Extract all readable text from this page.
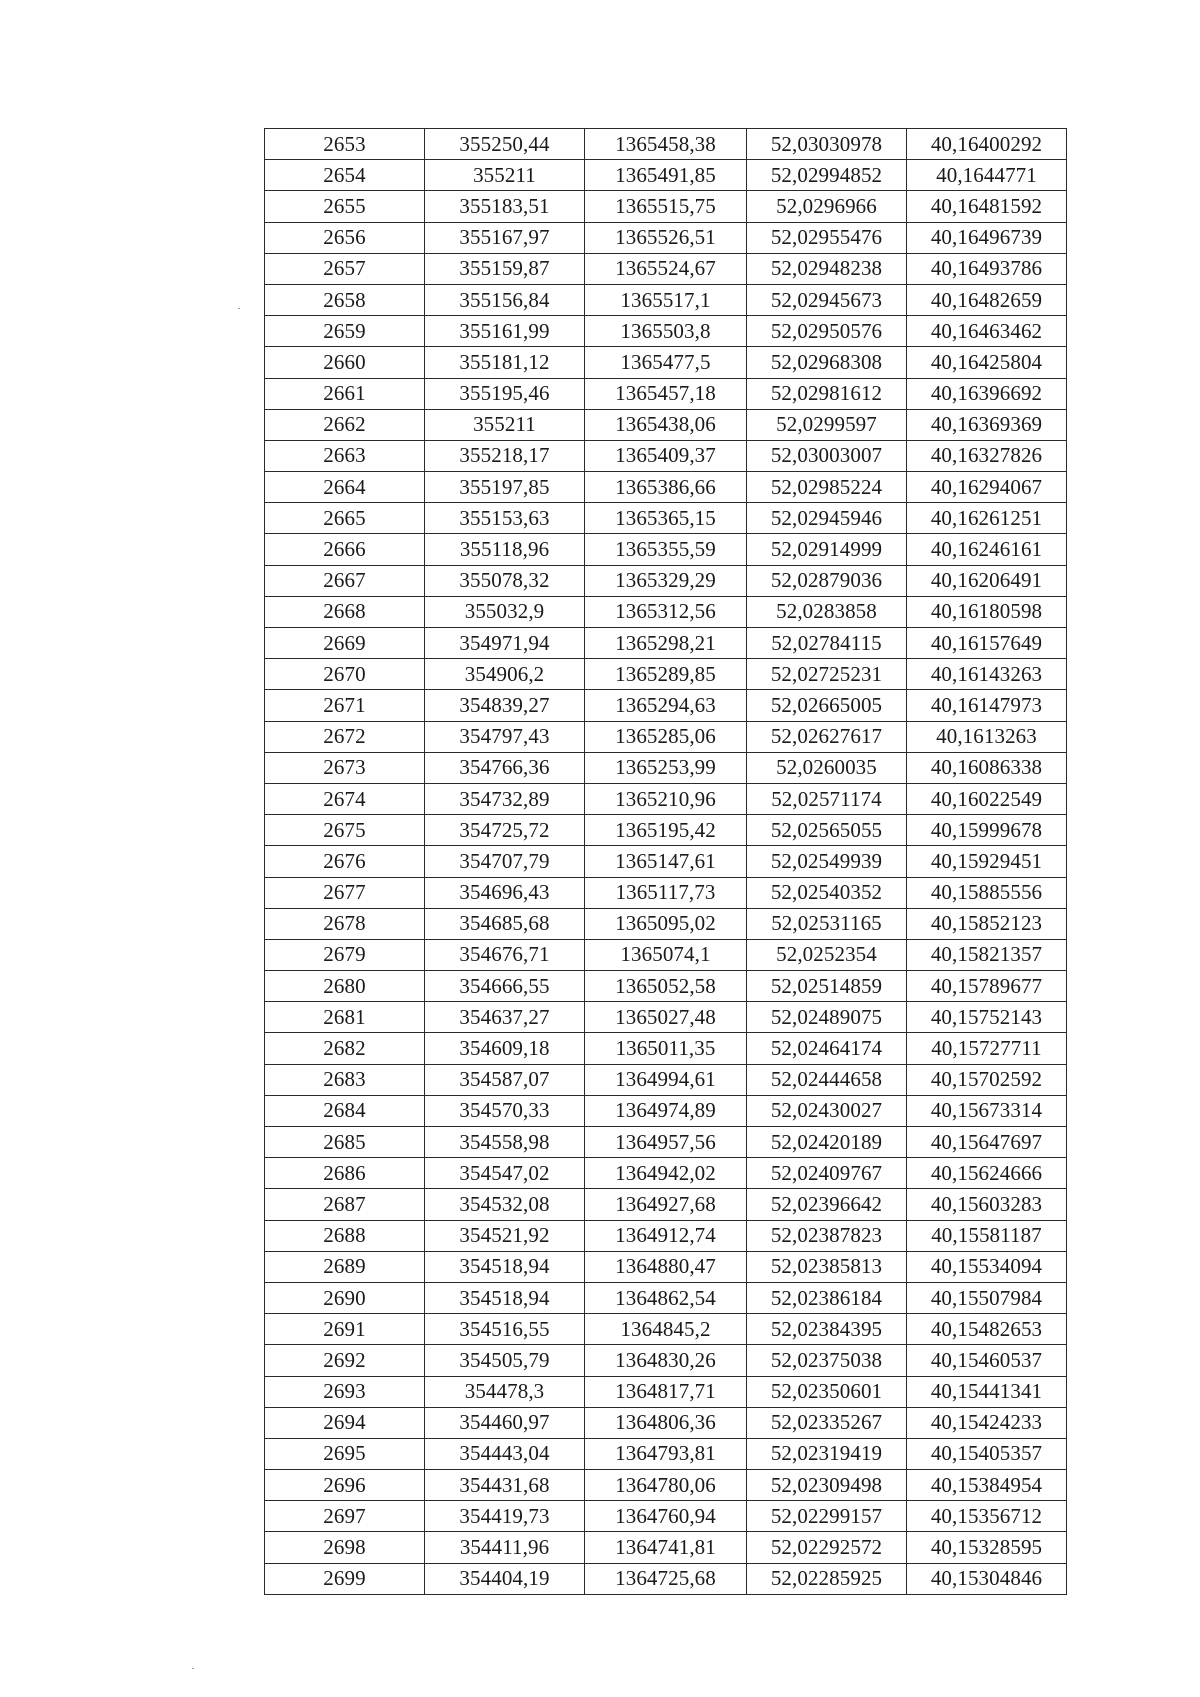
2653	355250,44	1365458,38	52,03030978	40,16400292
2654	355211	1365491,85	52,02994852	40,1644771
2655	355183,51	1365515,75	52,0296966	40,16481592
2656	355167,97	1365526,51	52,02955476	40,16496739
2657	355159,87	1365524,67	52,02948238	40,16493786
2658	355156,84	1365517,1	52,02945673	40,16482659
2659	355161,99	1365503,8	52,02950576	40,16463462
2660	355181,12	1365477,5	52,02968308	40,16425804
2661	355195,46	1365457,18	52,02981612	40,16396692
2662	355211	1365438,06	52,0299597	40,16369369
2663	355218,17	1365409,37	52,03003007	40,16327826
2664	355197,85	1365386,66	52,02985224	40,16294067
2665	355153,63	1365365,15	52,02945946	40,16261251
2666	355118,96	1365355,59	52,02914999	40,16246161
2667	355078,32	1365329,29	52,02879036	40,16206491
2668	355032,9	1365312,56	52,0283858	40,16180598
2669	354971,94	1365298,21	52,02784115	40,16157649
2670	354906,2	1365289,85	52,02725231	40,16143263
2671	354839,27	1365294,63	52,02665005	40,16147973
2672	354797,43	1365285,06	52,02627617	40,1613263
2673	354766,36	1365253,99	52,0260035	40,16086338
2674	354732,89	1365210,96	52,02571174	40,16022549
2675	354725,72	1365195,42	52,02565055	40,15999678
2676	354707,79	1365147,61	52,02549939	40,15929451
2677	354696,43	1365117,73	52,02540352	40,15885556
2678	354685,68	1365095,02	52,02531165	40,15852123
2679	354676,71	1365074,1	52,0252354	40,15821357
2680	354666,55	1365052,58	52,02514859	40,15789677
2681	354637,27	1365027,48	52,02489075	40,15752143
2682	354609,18	1365011,35	52,02464174	40,15727711
2683	354587,07	1364994,61	52,02444658	40,15702592
2684	354570,33	1364974,89	52,02430027	40,15673314
2685	354558,98	1364957,56	52,02420189	40,15647697
2686	354547,02	1364942,02	52,02409767	40,15624666
2687	354532,08	1364927,68	52,02396642	40,15603283
2688	354521,92	1364912,74	52,02387823	40,15581187
2689	354518,94	1364880,47	52,02385813	40,15534094
2690	354518,94	1364862,54	52,02386184	40,15507984
2691	354516,55	1364845,2	52,02384395	40,15482653
2692	354505,79	1364830,26	52,02375038	40,15460537
2693	354478,3	1364817,71	52,02350601	40,15441341
2694	354460,97	1364806,36	52,02335267	40,15424233
2695	354443,04	1364793,81	52,02319419	40,15405357
2696	354431,68	1364780,06	52,02309498	40,15384954
2697	354419,73	1364760,94	52,02299157	40,15356712
2698	354411,96	1364741,81	52,02292572	40,15328595
2699	354404,19	1364725,68	52,02285925	40,15304846
